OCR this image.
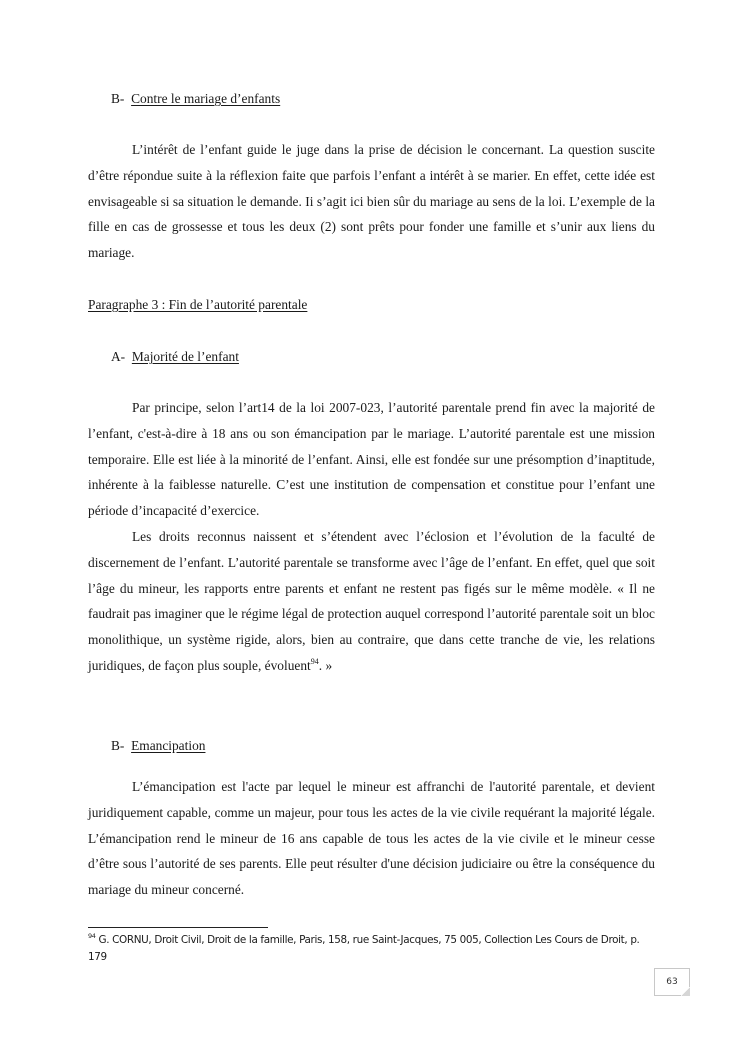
B- Contre le mariage d’enfants

L’intérêt de l’enfant guide le juge dans la prise de décision le concernant. La question suscite d’être répondue suite à la réflexion faite que parfois l’enfant a intérêt à se marier. En effet, cette idée est envisageable si sa situation le demande. Ii s’agit ici bien sûr du mariage au sens de la loi. L’exemple de la fille en cas de grossesse et tous les deux (2) sont prêts pour fonder une famille et s’unir aux liens du mariage.

Paragraphe 3 : Fin de l’autorité parentale
A- Majorité de l’enfant

Par principe, selon l’art14 de la loi 2007-023, l’autorité parentale prend fin avec la majorité de l’enfant, c'est-à-dire à 18 ans ou son émancipation par le mariage. L’autorité parentale est une mission temporaire. Elle est liée à la minorité de l’enfant. Ainsi, elle est fondée sur une présomption d’inaptitude, inhérente à la faiblesse naturelle. C’est une institution de compensation et constitue pour l’enfant une période d’incapacité d’exercice.

Les droits reconnus naissent et s’étendent avec l’éclosion et l’évolution de la faculté de discernement de l’enfant. L’autorité parentale se transforme avec l’âge de l’enfant. En effet, quel que soit l’âge du mineur, les rapports entre parents et enfant ne restent pas figés sur le même modèle. « Il ne faudrait pas imaginer que le régime légal de protection auquel correspond l’autorité parentale soit un bloc monolithique, un système rigide, alors, bien au contraire, que dans cette tranche de vie, les relations juridiques, de façon plus souple, évoluent$^{94}$. »

B- Emancipation

L’émancipation est l'acte par lequel le mineur est affranchi de l'autorité parentale, et devient juridiquement capable, comme un majeur, pour tous les actes de la vie civile requérant la majorité légale. L’émancipation rend le mineur de 16 ans capable de tous les actes de la vie civile et le mineur cesse d’être sous l’autorité de ses parents. Elle peut résulter d'une décision judiciaire ou être la conséquence du mariage du mineur concerné.

$^{94}$ G. CORNU, Droit Civil, Droit de la famille, Paris, 158, rue Saint-Jacques, 75 005, Collection Les Cours de Droit, p. 179

63
